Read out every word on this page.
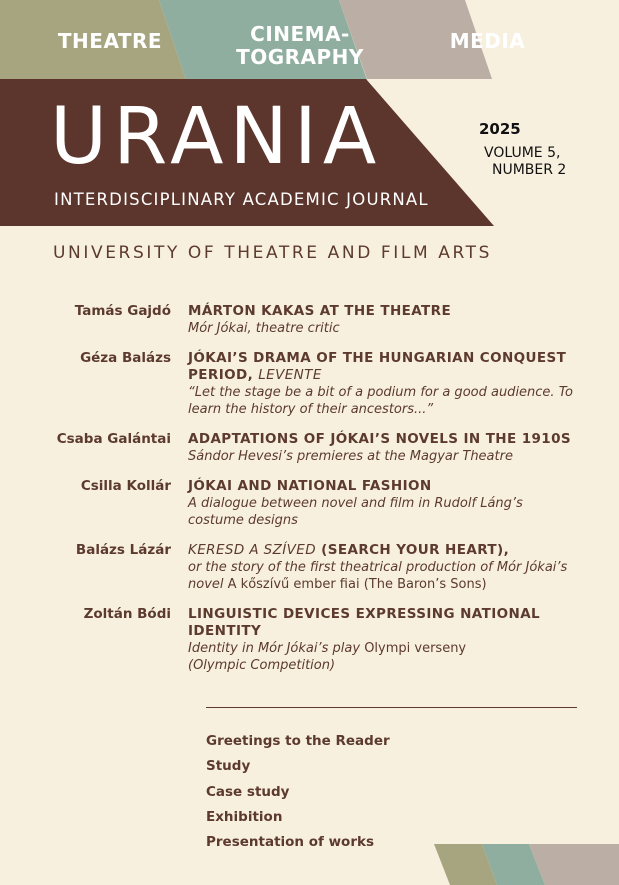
THEATRE	CINEMA-
TOGRAPHY
MEDIA
URANIA
INTERDISCIPLINARY ACADEMIC JOURNAL
2025
VOLUME 5,
NUMBER 2
UNIVERSITY OF THEATRE AND FILM ARTS
Tamás Gajdó	MÁRTON KAKAS AT THE THEATRE
Mór Jókai, theatre critic
Géza Balázs	JÓKAI’S DRAMA OF THE HUNGARIAN CONQUEST PERIOD, LEVENTE
“Let the stage be a bit of a podium for a good audience. To learn the history of their ancestors...”
Csaba Galántai	ADAPTATIONS OF JÓKAI’S NOVELS IN THE 1910S
Sándor Hevesi’s premieres at the Magyar Theatre
Csilla Kollár	JÓKAI AND NATIONAL FASHION
A dialogue between novel and film in Rudolf Láng’s costume designs
Balázs Lázár	KERESD A SZÍVED (SEARCH YOUR HEART),
or the story of the first theatrical production of Mór Jókai’s novel A kőszívű ember fiai (The Baron’s Sons)
Zoltán Bódi	LINGUISTIC DEVICES EXPRESSING NATIONAL IDENTITY
Identity in Mór Jókai’s play Olympi verseny
(Olympic Competition)
Greetings to the Reader
Study
Case study
Exhibition
Presentation of works
